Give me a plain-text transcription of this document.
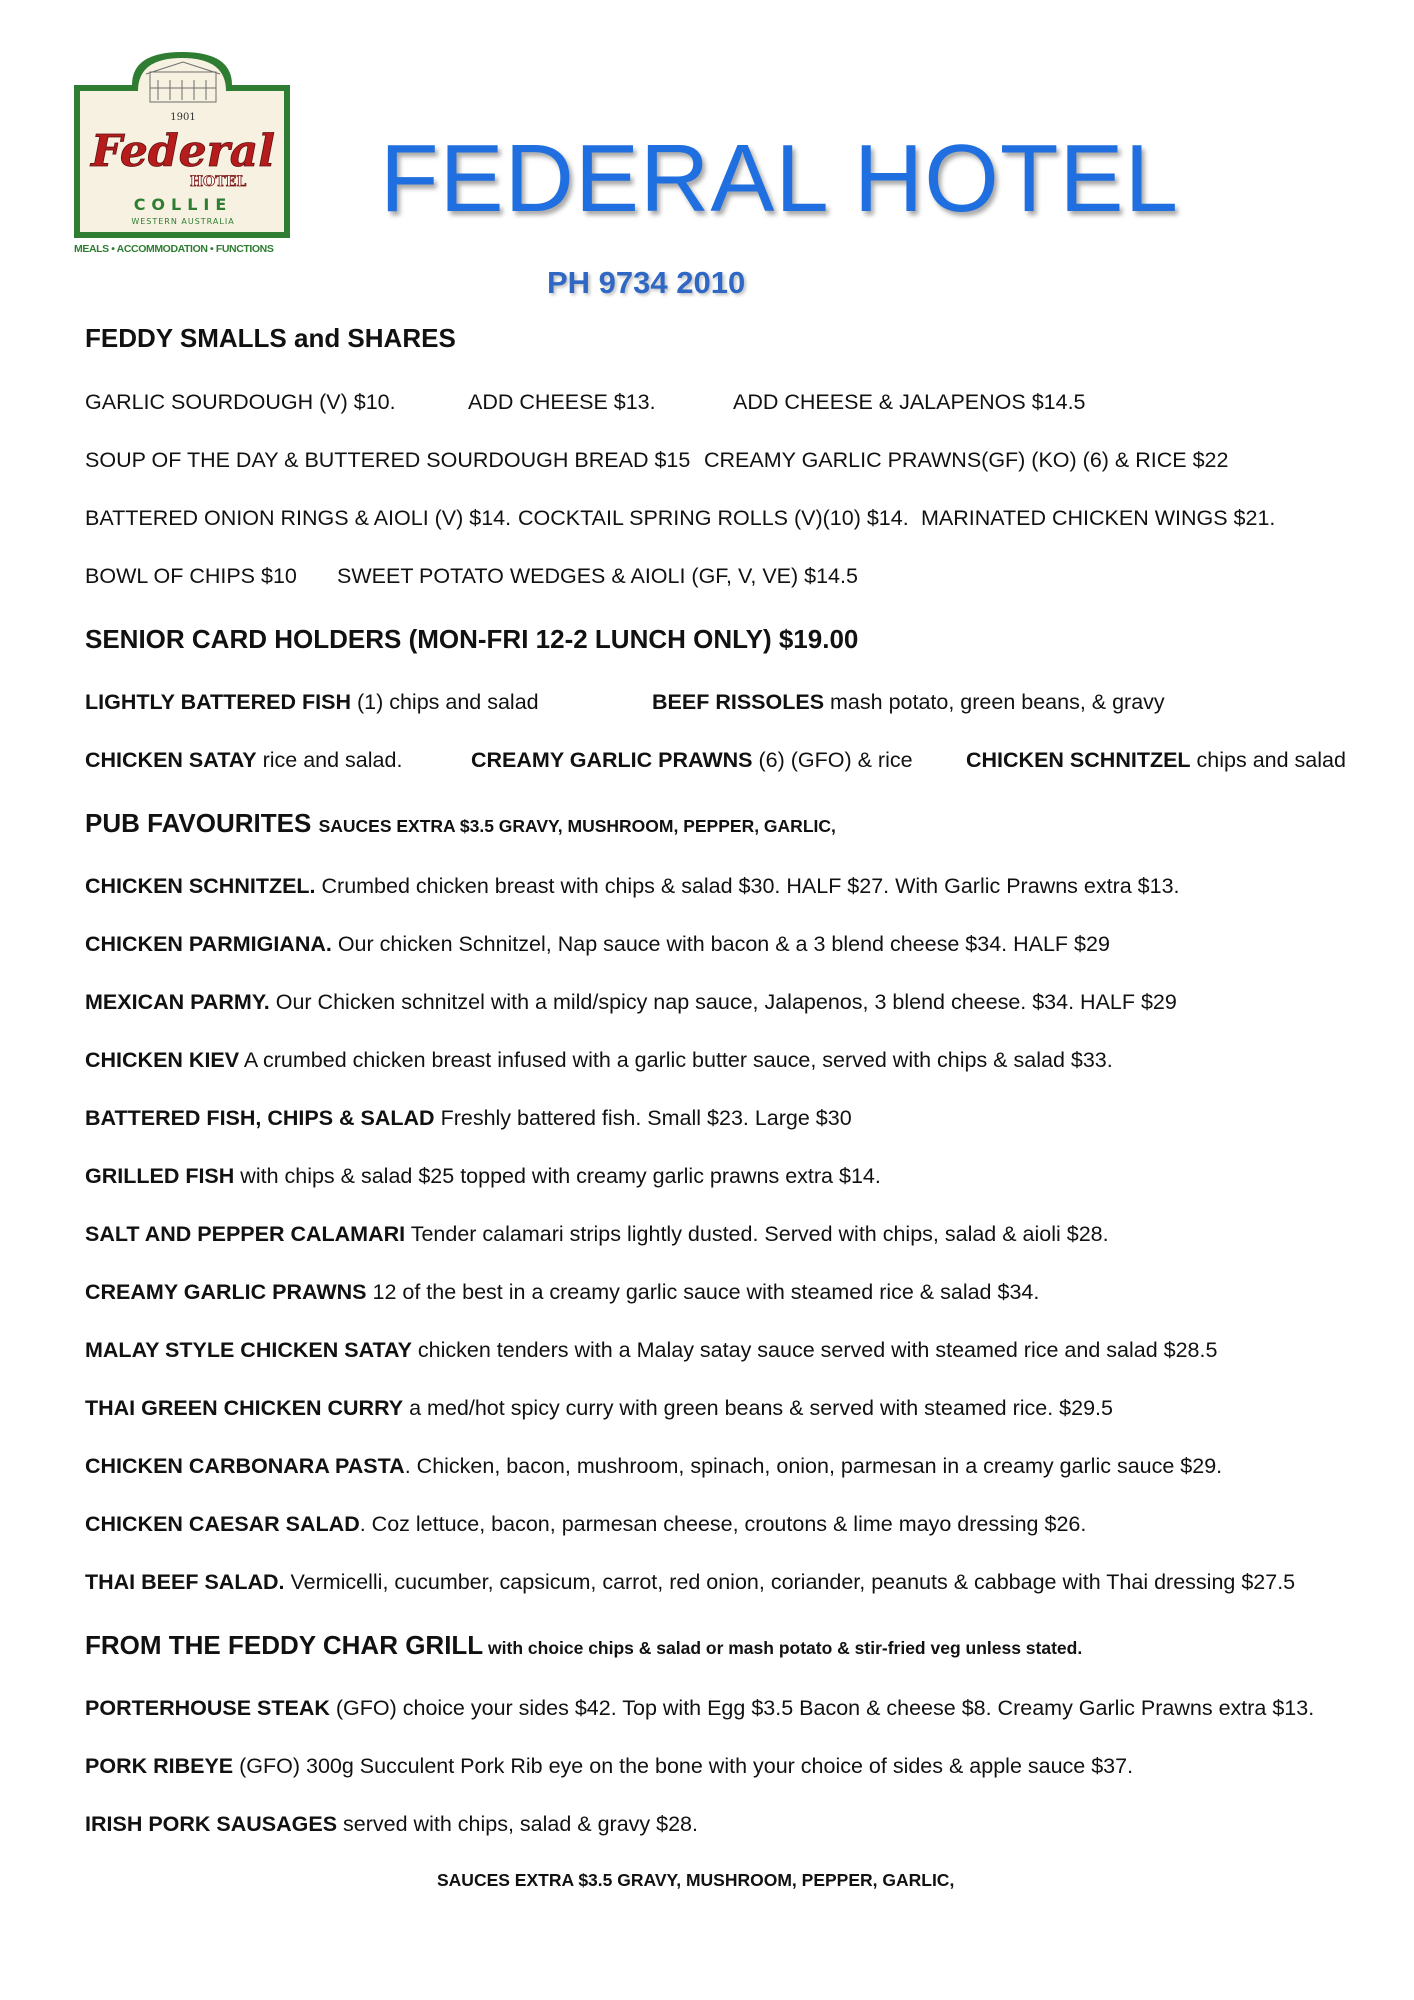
1901
Federal
HOTEL
COLLIE
WESTERN AUSTRALIA
MEALS • ACCOMMODATION • FUNCTIONS
FEDERAL HOTEL
PH 9734 2010
FEDDY SMALLS and SHARES
GARLIC SOURDOUGH (V) $10.	ADD CHEESE $13.	ADD CHEESE & JALAPENOS $14.5
SOUP OF THE DAY & BUTTERED SOURDOUGH BREAD $15 CREAMY GARLIC PRAWNS(GF) (KO) (6) & RICE $22
BATTERED ONION RINGS & AIOLI (V) $14. COCKTAIL SPRING ROLLS (V)(10) $14. MARINATED CHICKEN WINGS $21.
BOWL OF CHIPS $10 SWEET POTATO WEDGES & AIOLI (GF, V, VE) $14.5
SENIOR CARD HOLDERS (MON-FRI 12-2 LUNCH ONLY) $19.00
LIGHTLY BATTERED FISH (1) chips and salad	BEEF RISSOLES mash potato, green beans, & gravy
CHICKEN SATAY rice and salad.	CREAMY GARLIC PRAWNS (6) (GFO) & rice CHICKEN SCHNITZEL chips and salad
PUB FAVOURITES SAUCES EXTRA $3.5 GRAVY, MUSHROOM, PEPPER, GARLIC,
CHICKEN SCHNITZEL. Crumbed chicken breast with chips & salad $30. HALF $27. With Garlic Prawns extra $13.
CHICKEN PARMIGIANA. Our chicken Schnitzel, Nap sauce with bacon & a 3 blend cheese $34. HALF $29
MEXICAN PARMY. Our Chicken schnitzel with a mild/spicy nap sauce, Jalapenos, 3 blend cheese. $34. HALF $29
CHICKEN KIEV A crumbed chicken breast infused with a garlic butter sauce, served with chips & salad $33.
BATTERED FISH, CHIPS & SALAD Freshly battered fish. Small $23. Large $30
GRILLED FISH with chips & salad $25 topped with creamy garlic prawns extra $14.
SALT AND PEPPER CALAMARI Tender calamari strips lightly dusted. Served with chips, salad & aioli $28.
CREAMY GARLIC PRAWNS 12 of the best in a creamy garlic sauce with steamed rice & salad $34.
MALAY STYLE CHICKEN SATAY chicken tenders with a Malay satay sauce served with steamed rice and salad $28.5
THAI GREEN CHICKEN CURRY a med/hot spicy curry with green beans & served with steamed rice. $29.5
CHICKEN CARBONARA PASTA. Chicken, bacon, mushroom, spinach, onion, parmesan in a creamy garlic sauce $29.
CHICKEN CAESAR SALAD. Coz lettuce, bacon, parmesan cheese, croutons & lime mayo dressing $26.
THAI BEEF SALAD. Vermicelli, cucumber, capsicum, carrot, red onion, coriander, peanuts & cabbage with Thai dressing $27.5
FROM THE FEDDY CHAR GRILL with choice chips & salad or mash potato & stir-fried veg unless stated.
PORTERHOUSE STEAK (GFO) choice your sides $42. Top with Egg $3.5 Bacon & cheese $8. Creamy Garlic Prawns extra $13.
PORK RIBEYE (GFO) 300g Succulent Pork Rib eye on the bone with your choice of sides & apple sauce $37.
IRISH PORK SAUSAGES served with chips, salad & gravy $28.
SAUCES EXTRA $3.5 GRAVY, MUSHROOM, PEPPER, GARLIC,
